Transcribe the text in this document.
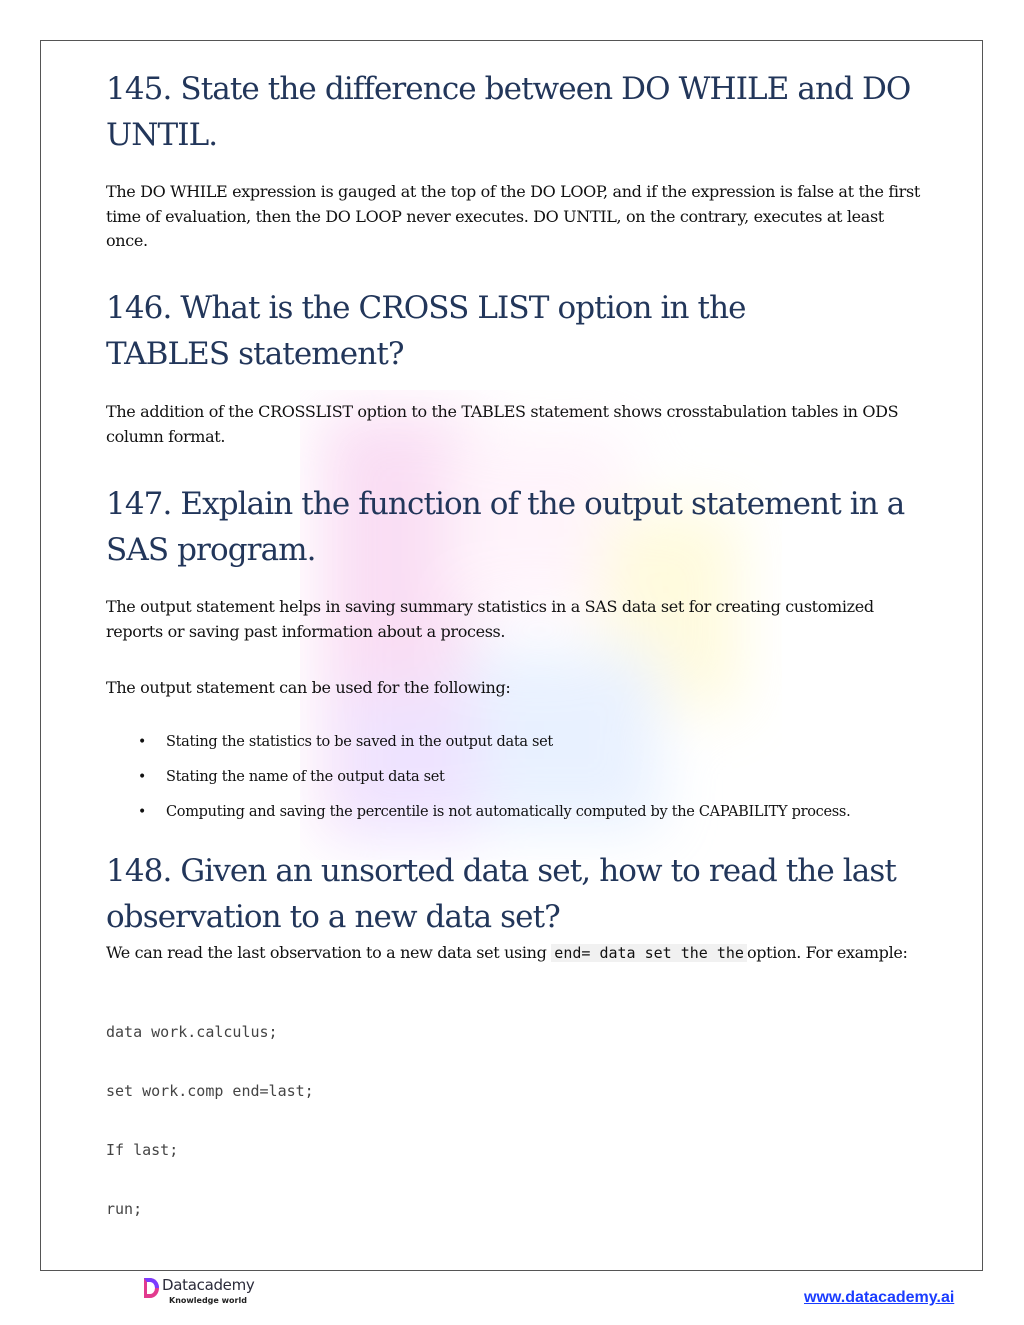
145. State the difference between DO WHILE and DO UNTIL.

The DO WHILE expression is gauged at the top of the DO LOOP, and if the expression is false at the first time of evaluation, then the DO LOOP never executes. DO UNTIL, on the contrary, executes at least once.

146. What is the CROSS LIST option in the TABLES statement?

The addition of the CROSSLIST option to the TABLES statement shows crosstabulation tables in ODS column format.

147. Explain the function of the output statement in a SAS program.

The output statement helps in saving summary statistics in a SAS data set for creating customized reports or saving past information about a process.

The output statement can be used for the following:

• Stating the statistics to be saved in the output data set
• Stating the name of the output data set
• Computing and saving the percentile is not automatically computed by the CAPABILITY process.
148. Given an unsorted data set, how to read the last observation to a new data set?

We can read the last observation to a new data set using end= data set the the option. For example:

data work.calculus;
set work.comp end=last;
If last;
run;
Datacademy
Knowledge world	www.datacademy.ai
